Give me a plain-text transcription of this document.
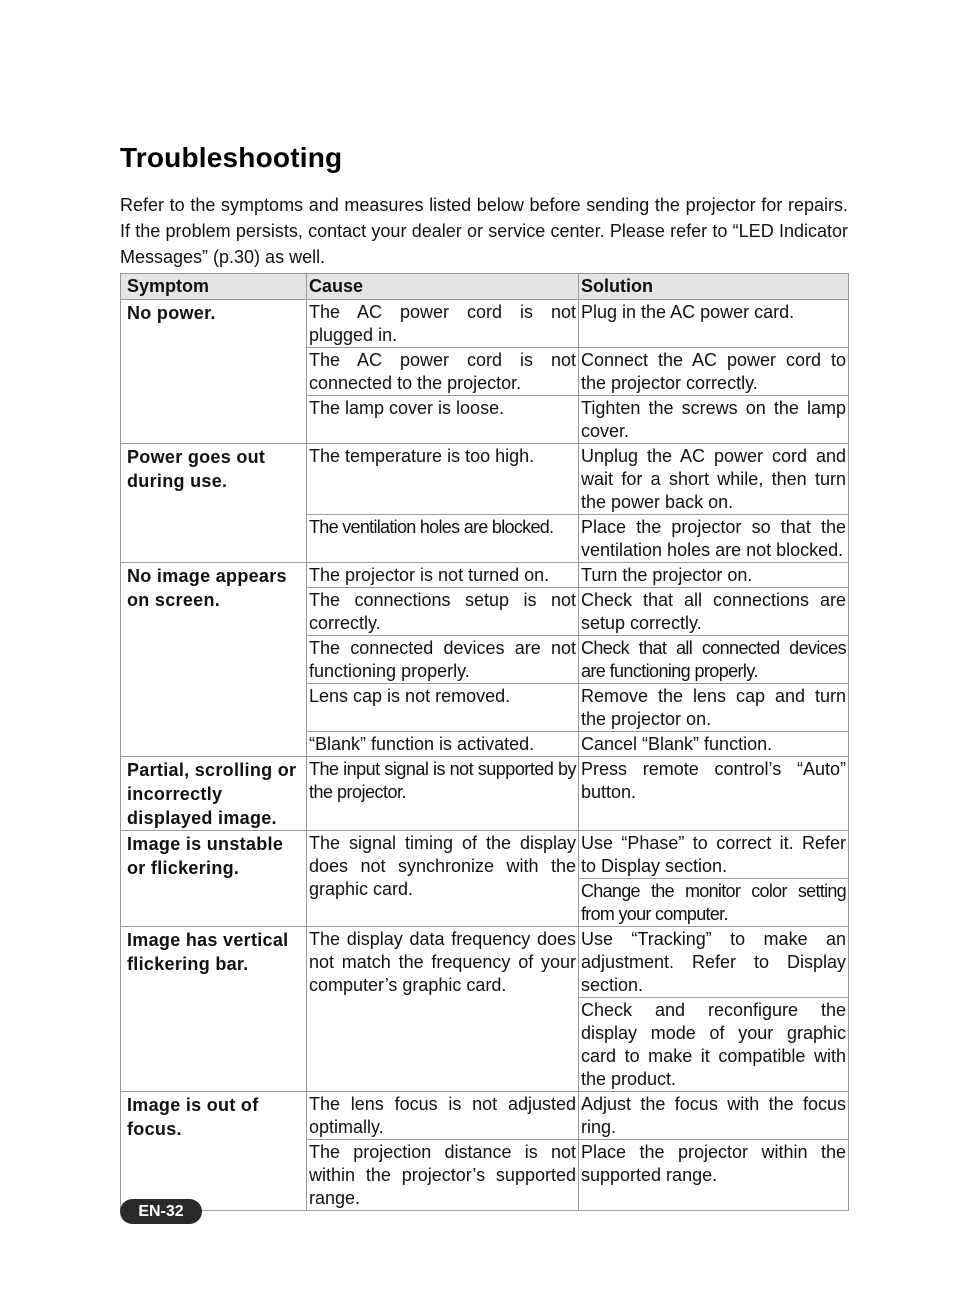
Troubleshooting

Refer to the symptoms and measures listed below before sending the projector for repairs. If the problem persists, contact your dealer or service center. Please refer to “LED Indicator Messages” (p.30) as well.

Symptom	Cause	Solution
No power.	The AC power cord is not plugged in.	Plug in the AC power card.
	The AC power cord is not connected to the projector.	Connect the AC power cord to the projector correctly.
	The lamp cover is loose.	Tighten the screws on the lamp cover.
Power goes out during use.	The temperature is too high.	Unplug the AC power cord and wait for a short while, then turn the power back on.
	The ventilation holes are blocked.	Place the projector so that the ventilation holes are not blocked.
No image appears on screen.	The projector is not turned on.	Turn the projector on.
	The connections setup is not correctly.	Check that all connections are setup correctly.
	The connected devices are not functioning properly.	Check that all connected devices are functioning properly.
	Lens cap is not removed.	Remove the lens cap and turn the projector on.
	“Blank” function is activated.	Cancel “Blank” function.
Partial, scrolling or incorrectly displayed image.	The input signal is not supported by the projector.	Press remote control’s “Auto” button.
Image is unstable or flickering.	The signal timing of the display does not synchronize with the graphic card.	Use “Phase” to correct it. Refer to Display section.
		Change the monitor color setting from your computer.
Image has vertical flickering bar.	The display data frequency does not match the frequency of your computer’s graphic card.	Use “Tracking” to make an adjustment. Refer to Display section.
		Check and reconfigure the display mode of your graphic card to make it compatible with the product.
Image is out of focus.	The lens focus is not adjusted optimally.	Adjust the focus with the focus ring.
	The projection distance is not within the projector’s supported range.	Place the projector within the supported range.
EN-32
